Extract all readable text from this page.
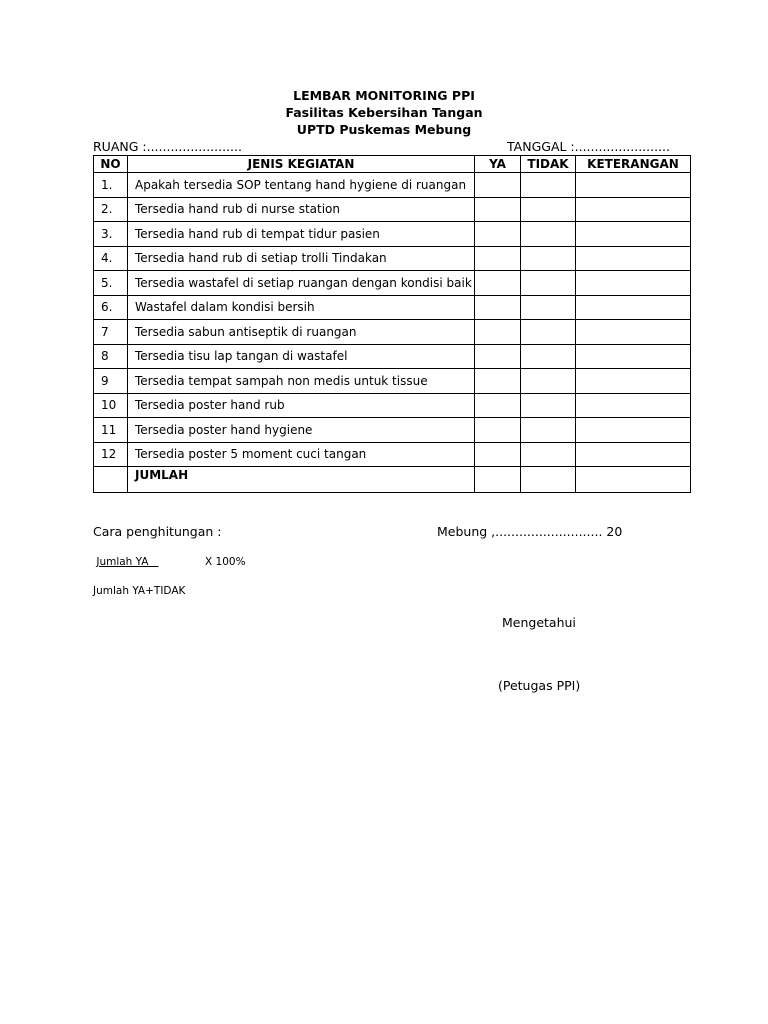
LEMBAR MONITORING PPI
Fasilitas Kebersihan Tangan
UPTD Puskemas Mebung
RUANG :........................	TANGGAL :........................
NO	JENIS KEGIATAN	YA	TIDAK	KETERANGAN
1.	Apakah tersedia SOP tentang hand hygiene di ruangan			
2.	Tersedia hand rub di nurse station			
3.	Tersedia hand rub di tempat tidur pasien			
4.	Tersedia hand rub di setiap trolli Tindakan			
5.	Tersedia wastafel di setiap ruangan dengan kondisi baik			
6.	Wastafel dalam kondisi bersih			
7	Tersedia sabun antiseptik di ruangan			
8	Tersedia tisu lap tangan di wastafel			
9	Tersedia tempat sampah non medis untuk tissue			
10	Tersedia poster hand rub			
11	Tersedia poster hand hygiene			
12	Tersedia poster 5 moment cuci tangan			
	JUMLAH			
Cara penghitungan :	Mebung ,........................... 20
Jumlah YA	X 100%
Jumlah YA+TIDAK
Mengetahui
(Petugas PPI)
